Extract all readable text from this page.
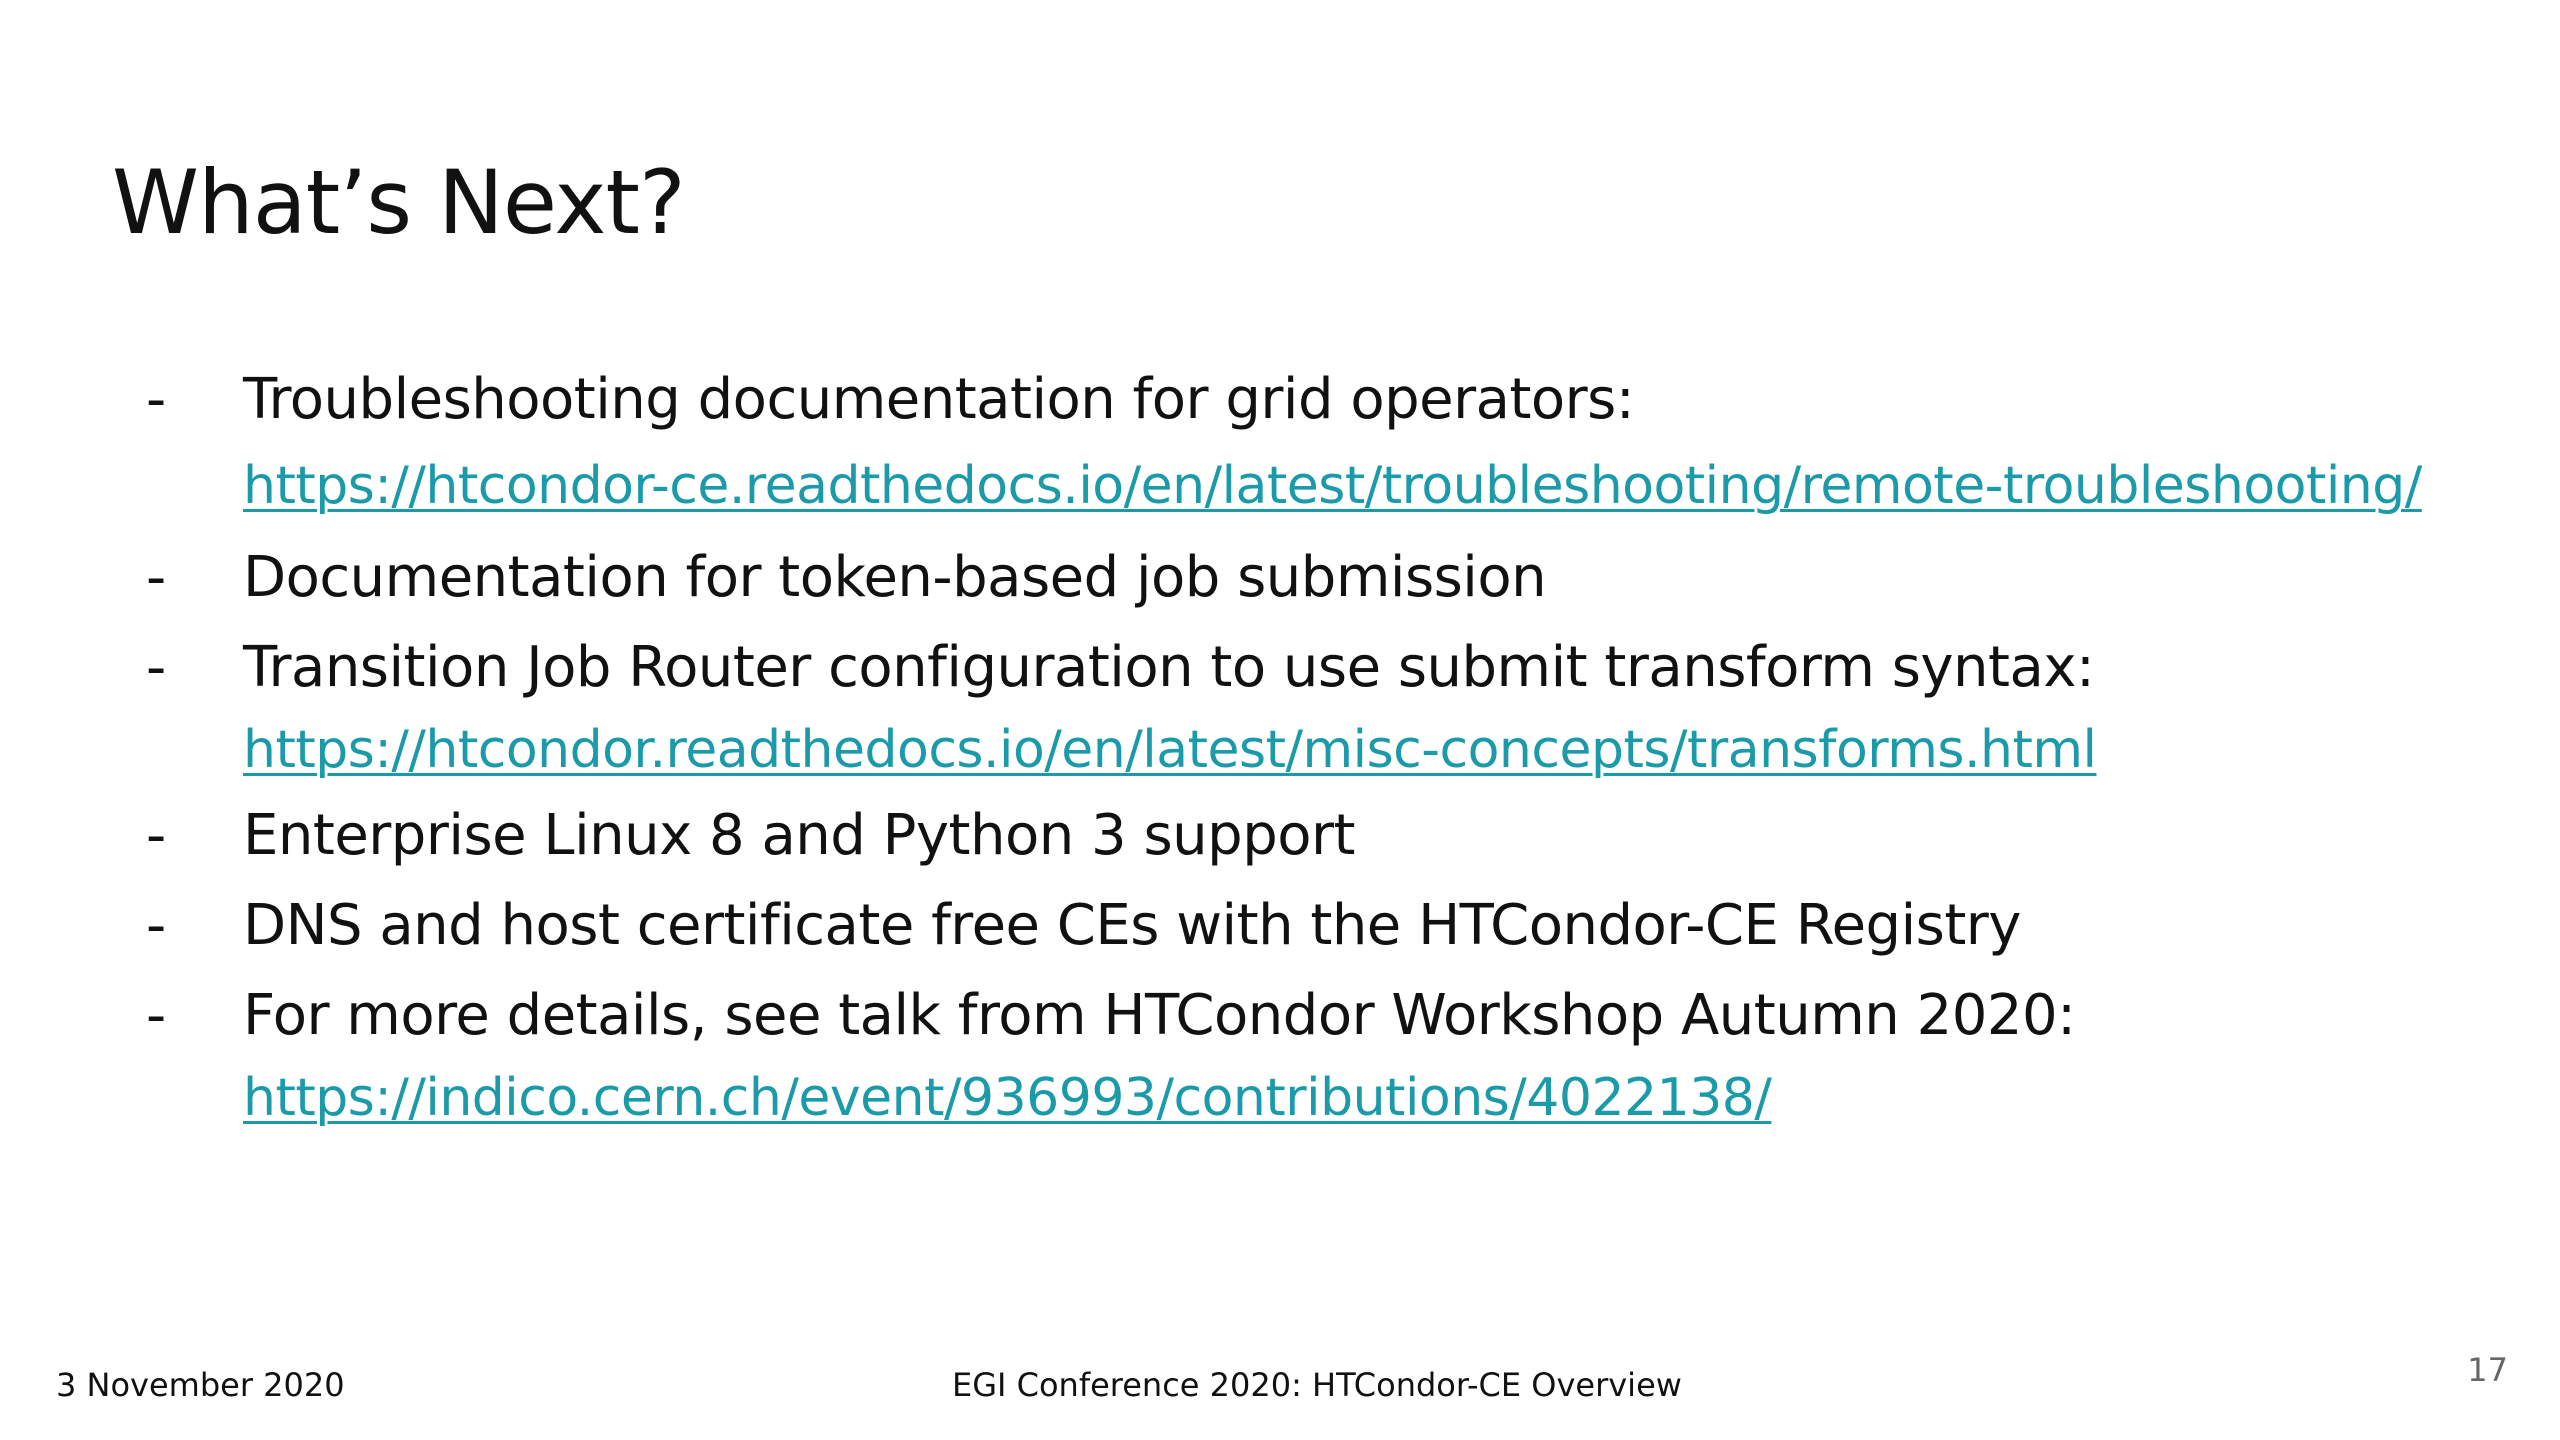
What’s Next?
- Troubleshooting documentation for grid operators:
https://htcondor-ce.readthedocs.io/en/latest/troubleshooting/remote-troubleshooting/
- Documentation for token-based job submission
- Transition Job Router configuration to use submit transform syntax:
https://htcondor.readthedocs.io/en/latest/misc-concepts/transforms.html
- Enterprise Linux 8 and Python 3 support
- DNS and host certificate free CEs with the HTCondor-CE Registry
- For more details, see talk from HTCondor Workshop Autumn 2020:
https://indico.cern.ch/event/936993/contributions/4022138/
3 November 2020	EGI Conference 2020: HTCondor-CE Overview	17
